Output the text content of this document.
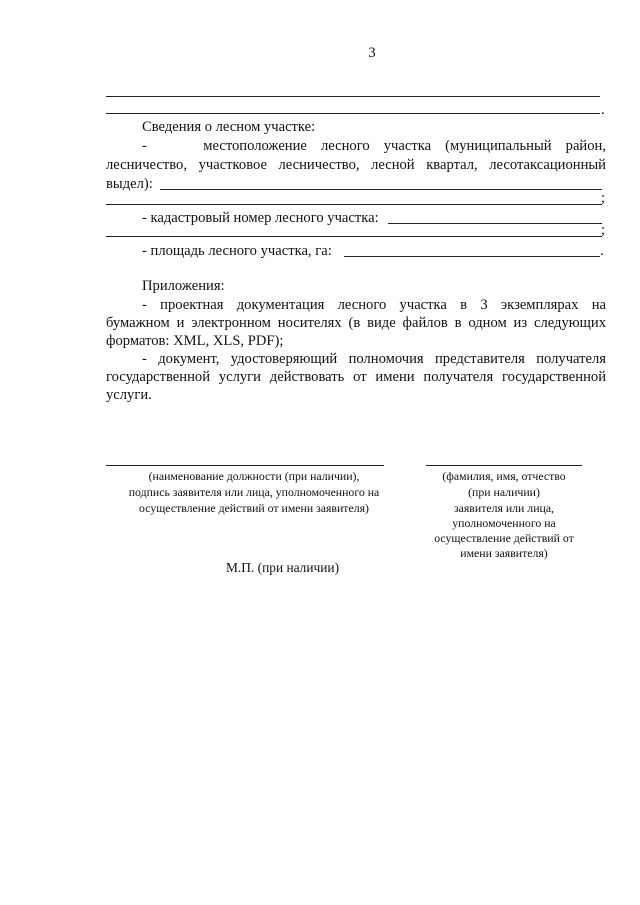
3
.
Сведения о лесном участке:
-    местоположение лесного участка (муниципальный район,
лесничество, участковое лесничество, лесной квартал, лесотаксационный
выдел):
;
- кадастровый номер лесного участка:
;
- площадь лесного участка, га:	.
Приложения:
- проектная документация лесного участка в 3 экземплярах на
бумажном и электронном носителях (в виде файлов в одном из следующих
форматов: XML, XLS, PDF);
- документ, удостоверяющий полномочия представителя получателя
государственной услуги действовать от имени получателя государственной
услуги.
(наименование должности (при наличии),
подпись заявителя или лица, уполномоченного на
осуществление действий от имени заявителя)
(фамилия, имя, отчество
(при наличии)
заявителя или лица,
уполномоченного на
осуществление действий от
имени заявителя)
М.П. (при наличии)
